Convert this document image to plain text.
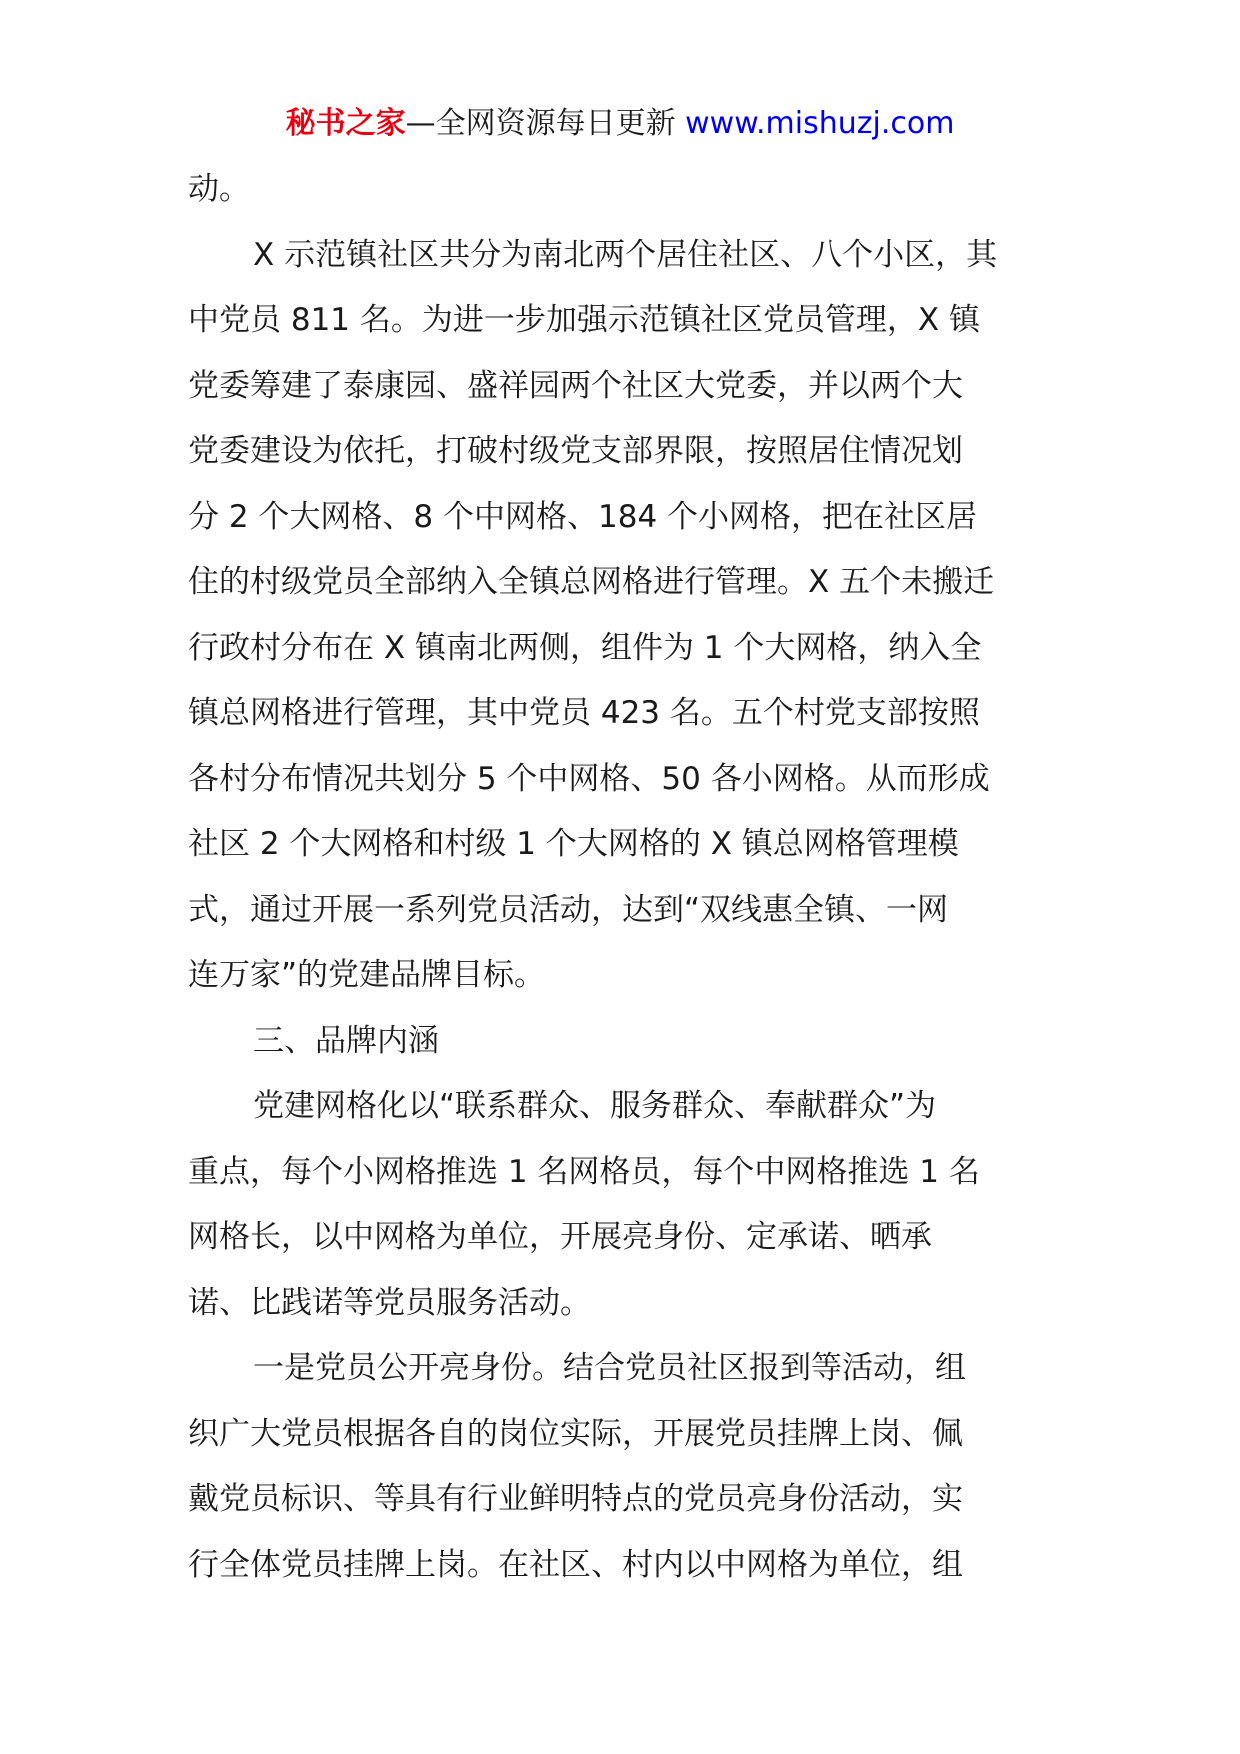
秘书之家—全网资源每日更新 www.mishuzj.com
动。
X 示范镇社区共分为南北两个居住社区、八个小区，其
中党员 811 名。为进一步加强示范镇社区党员管理，X 镇
党委筹建了泰康园、盛祥园两个社区大党委，并以两个大
党委建设为依托，打破村级党支部界限，按照居住情况划
分 2 个大网格、8 个中网格、184 个小网格，把在社区居
住的村级党员全部纳入全镇总网格进行管理。X 五个未搬迁
行政村分布在 X 镇南北两侧，组件为 1 个大网格，纳入全
镇总网格进行管理，其中党员 423 名。五个村党支部按照
各村分布情况共划分 5 个中网格、50 各小网格。从而形成
社区 2 个大网格和村级 1 个大网格的 X 镇总网格管理模
式，通过开展一系列党员活动，达到“双线惠全镇、一网
连万家”的党建品牌目标。
三、品牌内涵
党建网格化以“联系群众、服务群众、奉献群众”为
重点，每个小网格推选 1 名网格员，每个中网格推选 1 名
网格长，以中网格为单位，开展亮身份、定承诺、晒承
诺、比践诺等党员服务活动。
一是党员公开亮身份。结合党员社区报到等活动，组
织广大党员根据各自的岗位实际，开展党员挂牌上岗、佩
戴党员标识、等具有行业鲜明特点的党员亮身份活动，实
行全体党员挂牌上岗。在社区、村内以中网格为单位，组
